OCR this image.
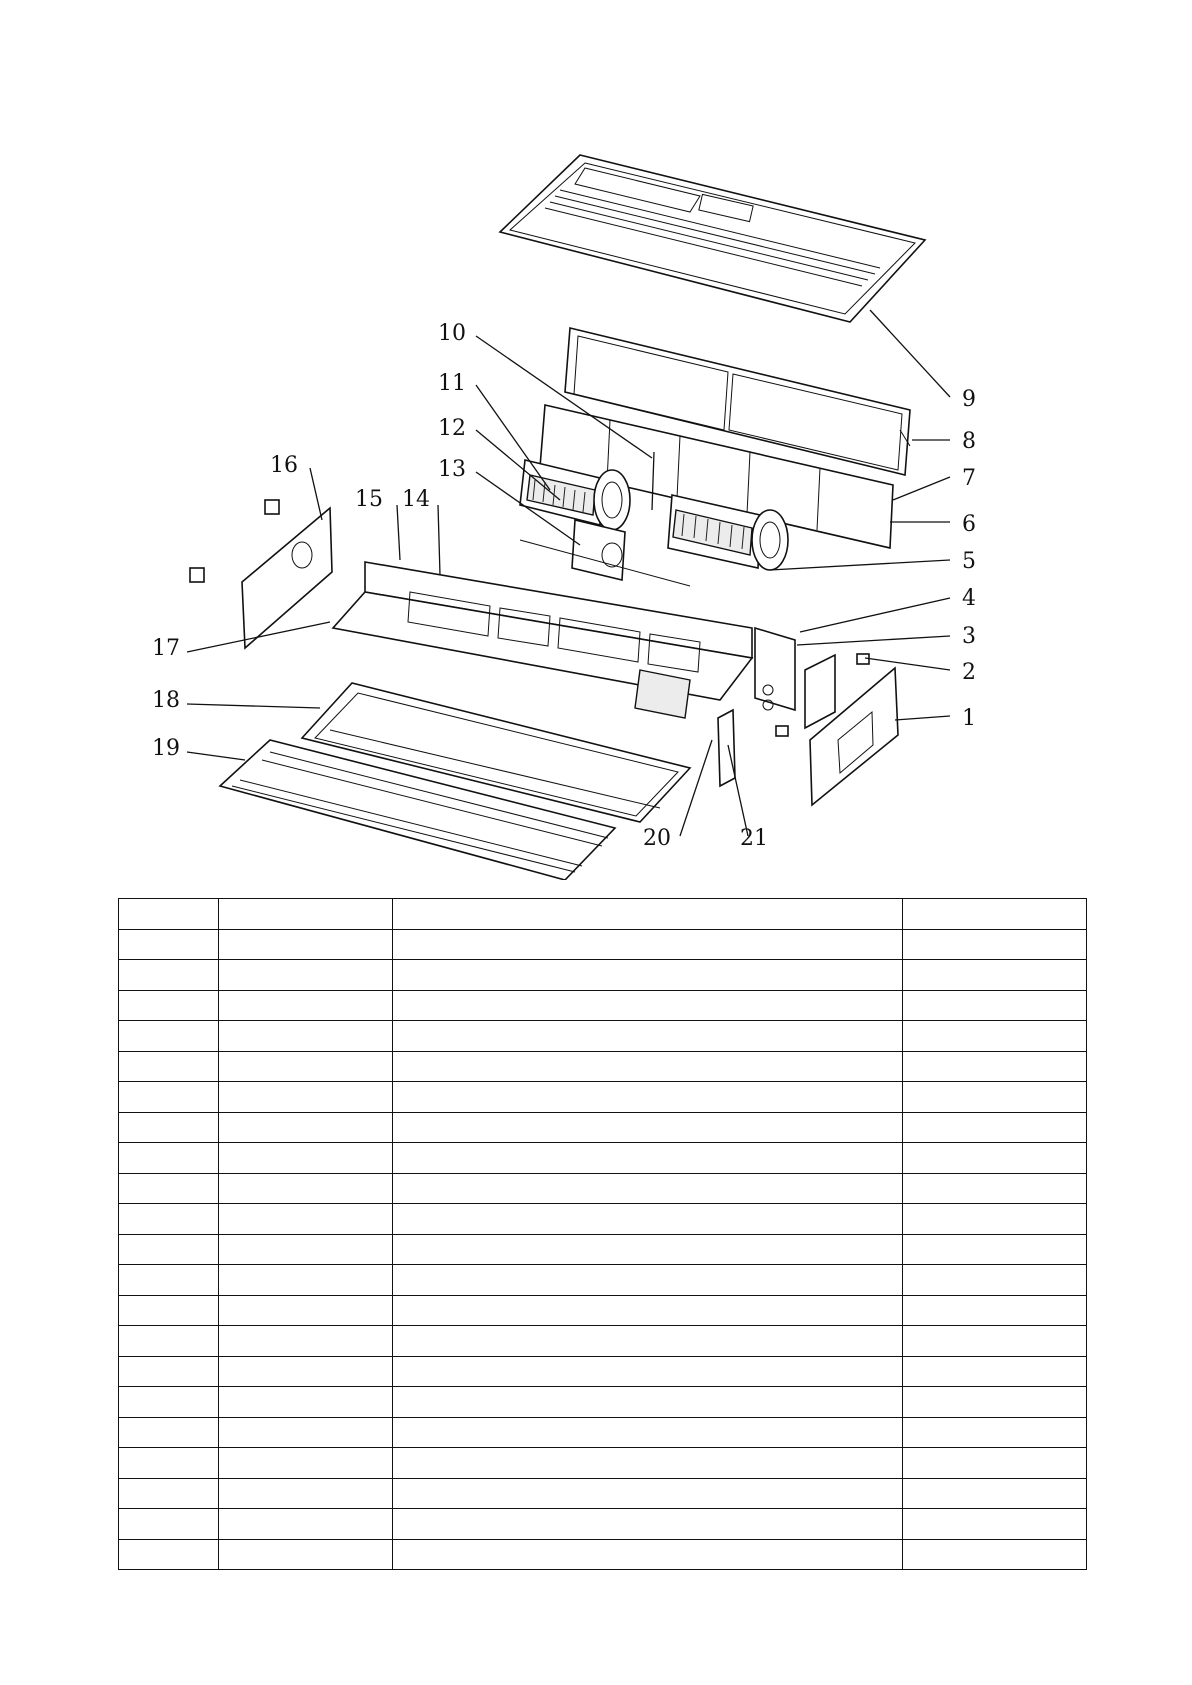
1
2
3
4
5
6
7
8
9
10
11
12
13
14
15
16
17
18
19
20	21
